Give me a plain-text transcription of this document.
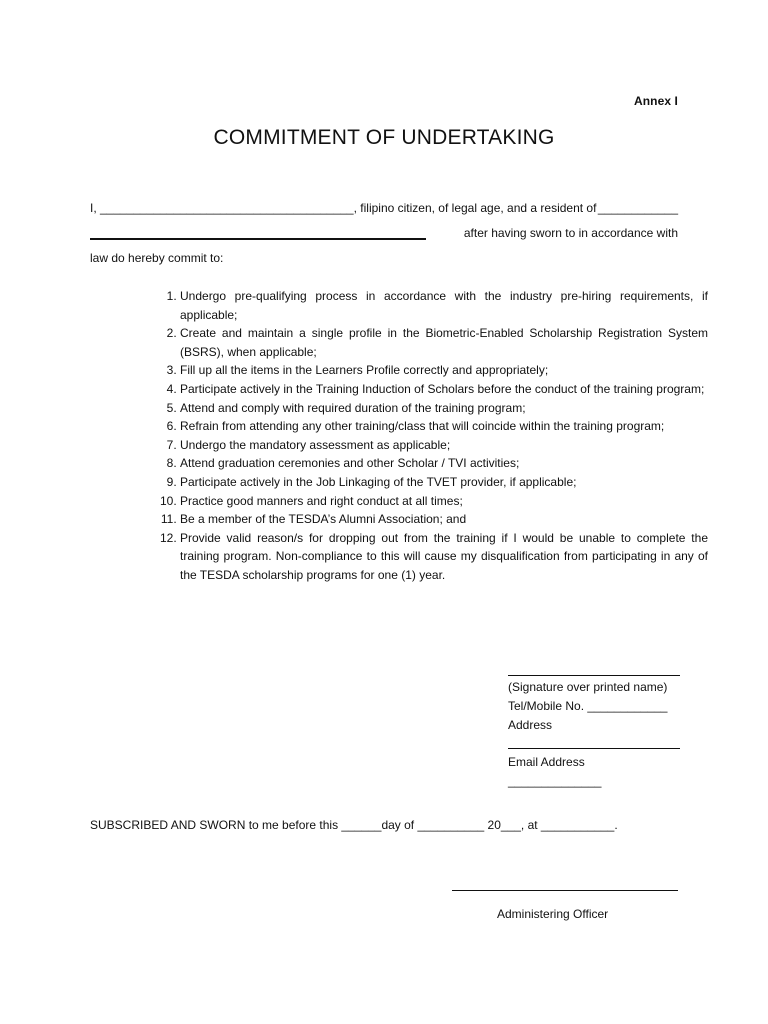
Annex I
COMMITMENT OF UNDERTAKING
I, ______________________________________, filipino citizen, of legal age, and a resident of ____________
after having sworn to in accordance with
law do hereby commit to:
1. Undergo pre-qualifying process in accordance with the industry pre-hiring requirements, if applicable;
2. Create and maintain a single profile in the Biometric-Enabled Scholarship Registration System (BSRS), when applicable;
3. Fill up all the items in the Learners Profile correctly and appropriately;
4. Participate actively in the Training Induction of Scholars before the conduct of the training program;
5. Attend and comply with required duration of the training program;
6. Refrain from attending any other training/class that will coincide within the training program;
7. Undergo the mandatory assessment as applicable;
8. Attend graduation ceremonies and other Scholar / TVI activities;
9. Participate actively in the Job Linkaging of the TVET provider, if applicable;
10. Practice good manners and right conduct at all times;
11. Be a member of the TESDA’s Alumni Association; and
12. Provide valid reason/s for dropping out from the training if I would be unable to complete the training program. Non-compliance to this will cause my disqualification from participating in any of the TESDA scholarship programs for one (1) year.
(Signature over printed name)
Tel/Mobile No. ____________
Address
Email Address ______________
SUBSCRIBED AND SWORN to me before this ______day of __________ 20___, at ___________.
Administering Officer
